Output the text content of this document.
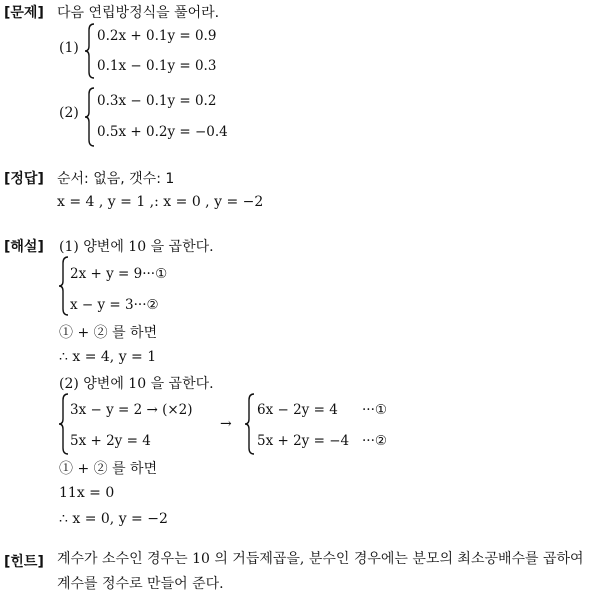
[문제] 다음 연립방정식을 풀어라.
(1)
0.2x + 0.1y = 0.9
0.1x − 0.1y = 0.3
(2)
0.3x − 0.1y = 0.2
0.5x + 0.2y = −0.4
[정답] 순서: 없음, 갯수: 1
x = 4 , y = 1 ,: x = 0 , y = −2
[해설] (1) 양변에 10 을 곱한다.
2x + y = 9···①
x − y = 3···②
① + ② 를 하면
∴ x = 4, y = 1
(2) 양변에 10 을 곱한다.
3x − y = 2 → (×2)
5x + 2y = 4
→
6x − 2y = 4 ···①
5x + 2y = −4 ···②
① + ② 를 하면
11x = 0
∴ x = 0, y = −2
[힌트] 계수가 소수인 경우는 10 의 거듭제곱을, 분수인 경우에는 분모의 최소공배수를 곱하여 계수를 정수로 만들어 준다.
